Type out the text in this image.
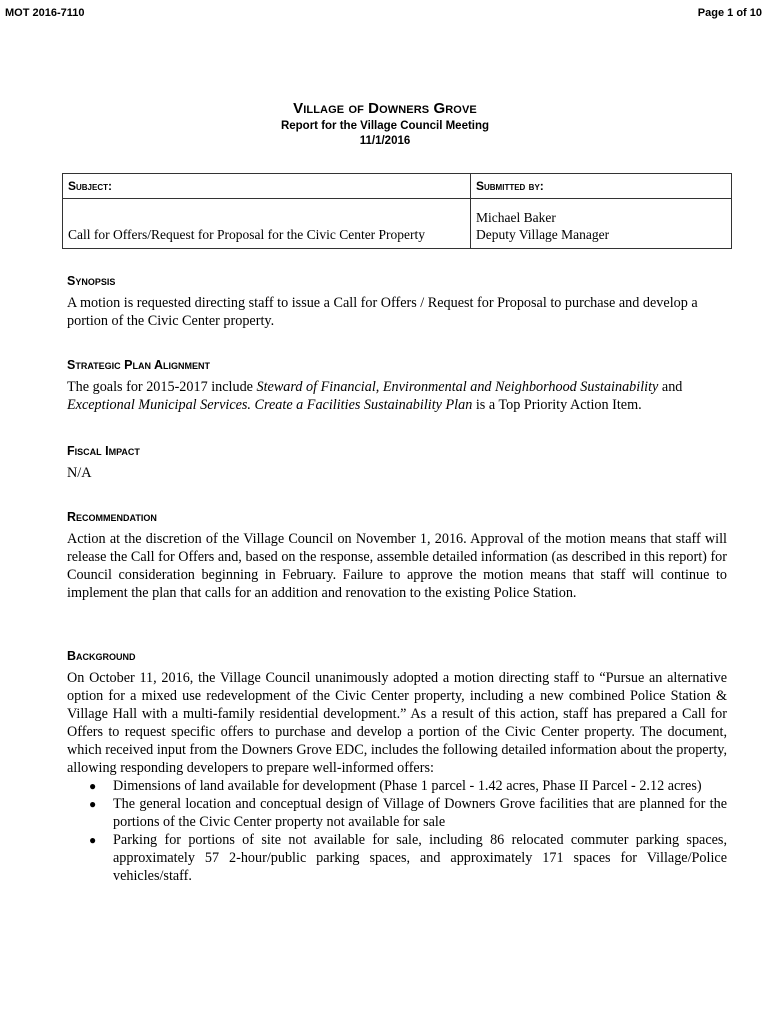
MOT 2016-7110	Page 1 of 10
Village of Downers Grove
Report for the Village Council Meeting
11/1/2016
Subject:	Submitted by:
Call for Offers/Request for Proposal for the Civic Center Property	Michael Baker
Deputy Village Manager
Synopsis

A motion is requested directing staff to issue a Call for Offers / Request for Proposal to purchase and develop a portion of the Civic Center property.

Strategic Plan Alignment

The goals for 2015-2017 include Steward of Financial, Environmental and Neighborhood Sustainability and Exceptional Municipal Services. Create a Facilities Sustainability Plan is a Top Priority Action Item.

Fiscal Impact

N/A

Recommendation

Action at the discretion of the Village Council on November 1, 2016. Approval of the motion means that staff will release the Call for Offers and, based on the response, assemble detailed information (as described in this report) for Council consideration beginning in February. Failure to approve the motion means that staff will continue to implement the plan that calls for an addition and renovation to the existing Police Station.

Background

On October 11, 2016, the Village Council unanimously adopted a motion directing staff to “Pursue an alternative option for a mixed use redevelopment of the Civic Center property, including a new combined Police Station & Village Hall with a multi-family residential development.” As a result of this action, staff has prepared a Call for Offers to request specific offers to purchase and develop a portion of the Civic Center property. The document, which received input from the Downers Grove EDC, includes the following detailed information about the property, allowing responding developers to prepare well-informed offers:

● Dimensions of land available for development (Phase 1 parcel - 1.42 acres, Phase II Parcel - 2.12 acres)
● The general location and conceptual design of Village of Downers Grove facilities that are planned for the portions of the Civic Center property not available for sale
● Parking for portions of site not available for sale, including 86 relocated commuter parking spaces, approximately 57 2-hour/public parking spaces, and approximately 171 spaces for Village/Police vehicles/staff.
